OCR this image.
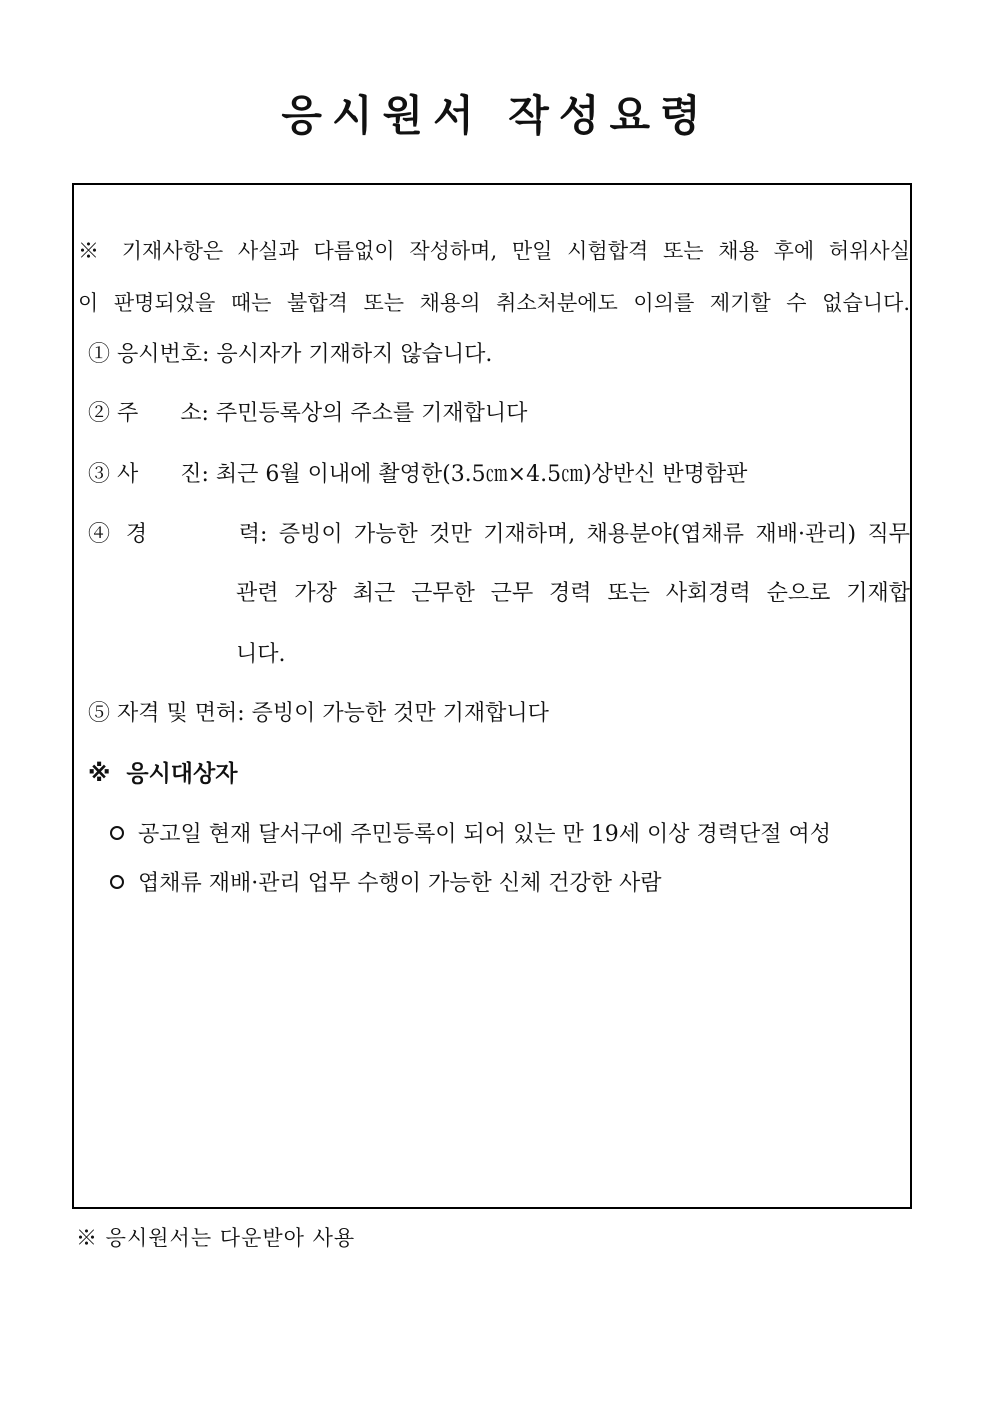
응시원서 작성요령
※ 기재사항은 사실과 다름없이 작성하며, 만일 시험합격 또는 채용 후에 허위사실
이 판명되었을 때는 불합격 또는 채용의 취소처분에도 이의를 제기할 수 없습니다.
① 응시번호: 응시자가 기재하지 않습니다.
② 주      소: 주민등록상의 주소를 기재합니다
③ 사      진: 최근 6월 이내에 촬영한(3.5㎝×4.5㎝)상반신 반명함판
④ 경        력: 증빙이 가능한 것만 기재하며, 채용분야(엽채류 재배·관리) 직무
관련 가장 최근 근무한 근무 경력 또는 사회경력 순으로 기재합
니다.
⑤ 자격 및 면허: 증빙이 가능한 것만 기재합니다
※  응시대상자
공고일 현재 달서구에 주민등록이 되어 있는 만 19세 이상 경력단절 여성
엽채류 재배·관리 업무 수행이 가능한 신체 건강한 사람
※ 응시원서는 다운받아 사용
